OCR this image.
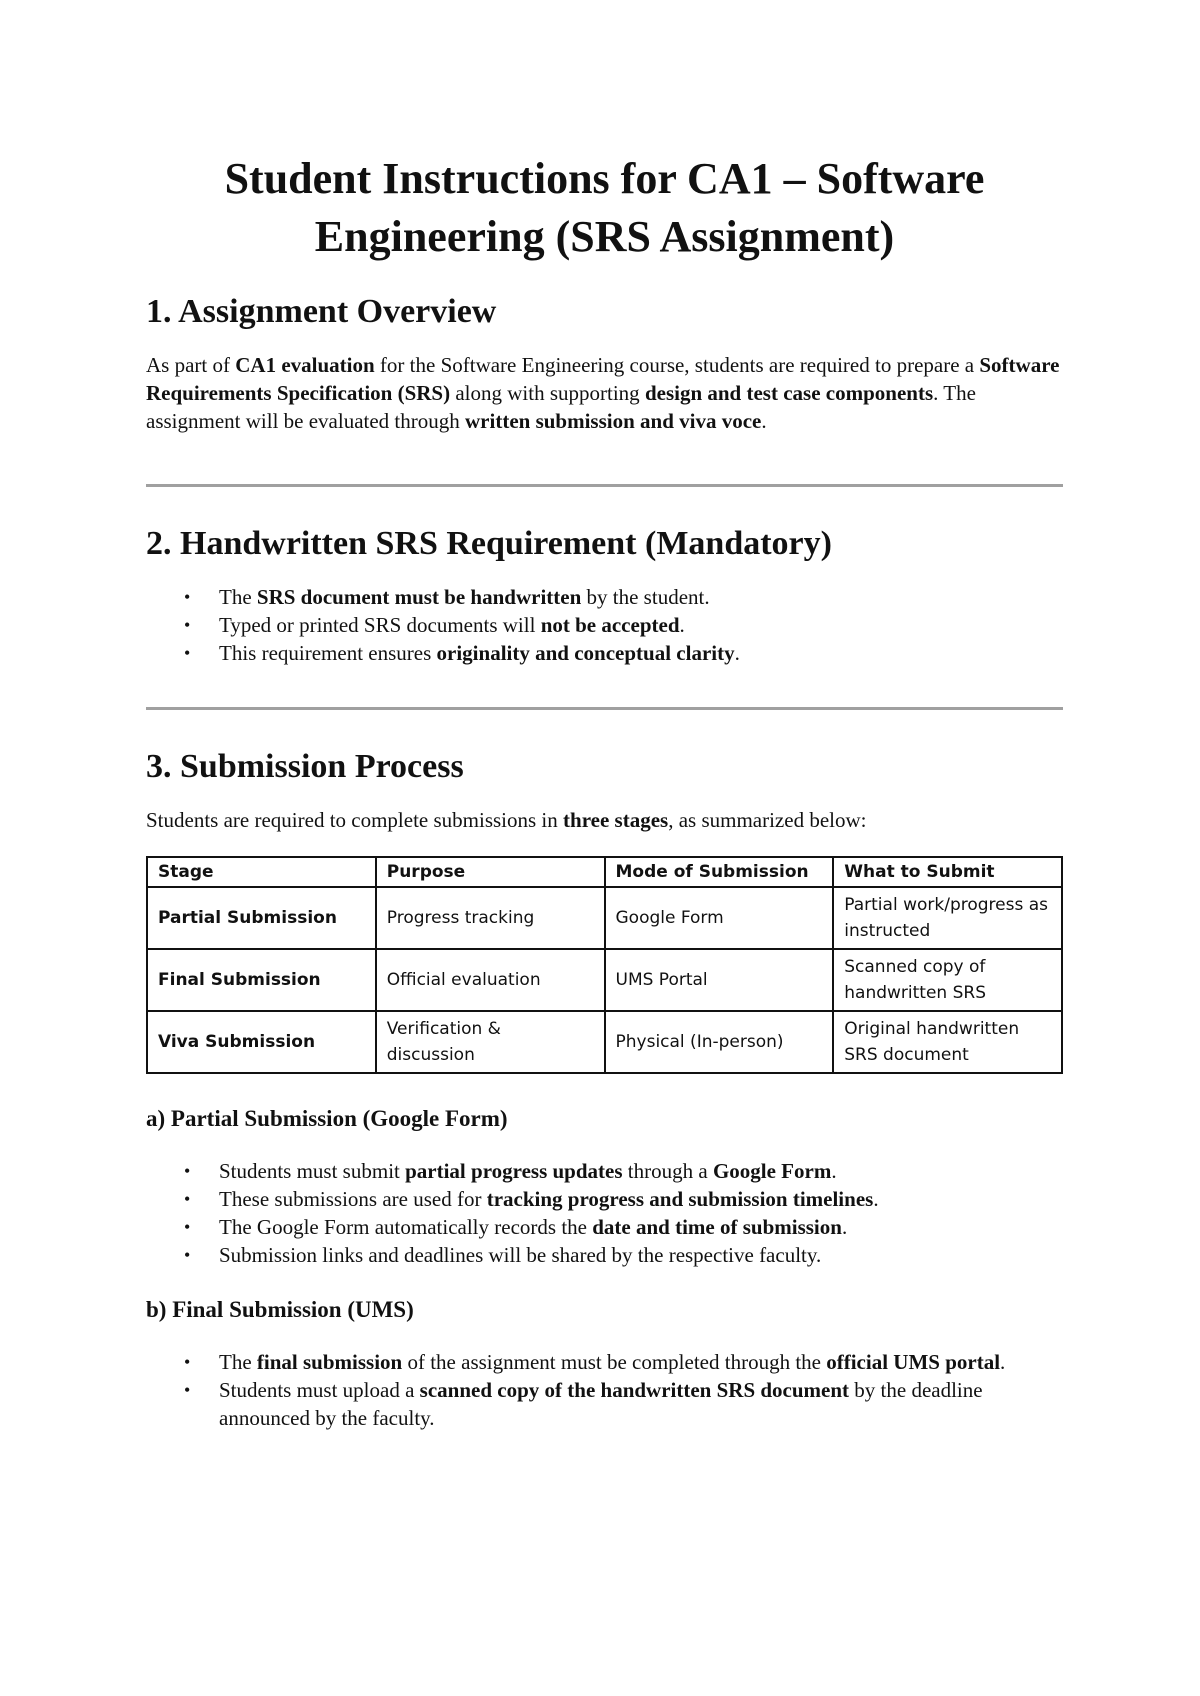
Student Instructions for CA1 – Software Engineering (SRS Assignment)
1. Assignment Overview

As part of CA1 evaluation for the Software Engineering course, students are required to prepare a Software Requirements Specification (SRS) along with supporting design and test case components. The assignment will be evaluated through written submission and viva voce.

2. Handwritten SRS Requirement (Mandatory)
• The SRS document must be handwritten by the student.
• Typed or printed SRS documents will not be accepted.
• This requirement ensures originality and conceptual clarity.
3. Submission Process

Students are required to complete submissions in three stages, as summarized below:

Stage	Purpose	Mode of Submission	What to Submit
Partial Submission	Progress tracking	Google Form	Partial work/progress as instructed
Final Submission	Official evaluation	UMS Portal	Scanned copy of handwritten SRS
Viva Submission	Verification & discussion	Physical (In-person)	Original handwritten SRS document
a) Partial Submission (Google Form)
• Students must submit partial progress updates through a Google Form.
• These submissions are used for tracking progress and submission timelines.
• The Google Form automatically records the date and time of submission.
• Submission links and deadlines will be shared by the respective faculty.
b) Final Submission (UMS)
• The final submission of the assignment must be completed through the official UMS portal.
• Students must upload a scanned copy of the handwritten SRS document by the deadline announced by the faculty.
